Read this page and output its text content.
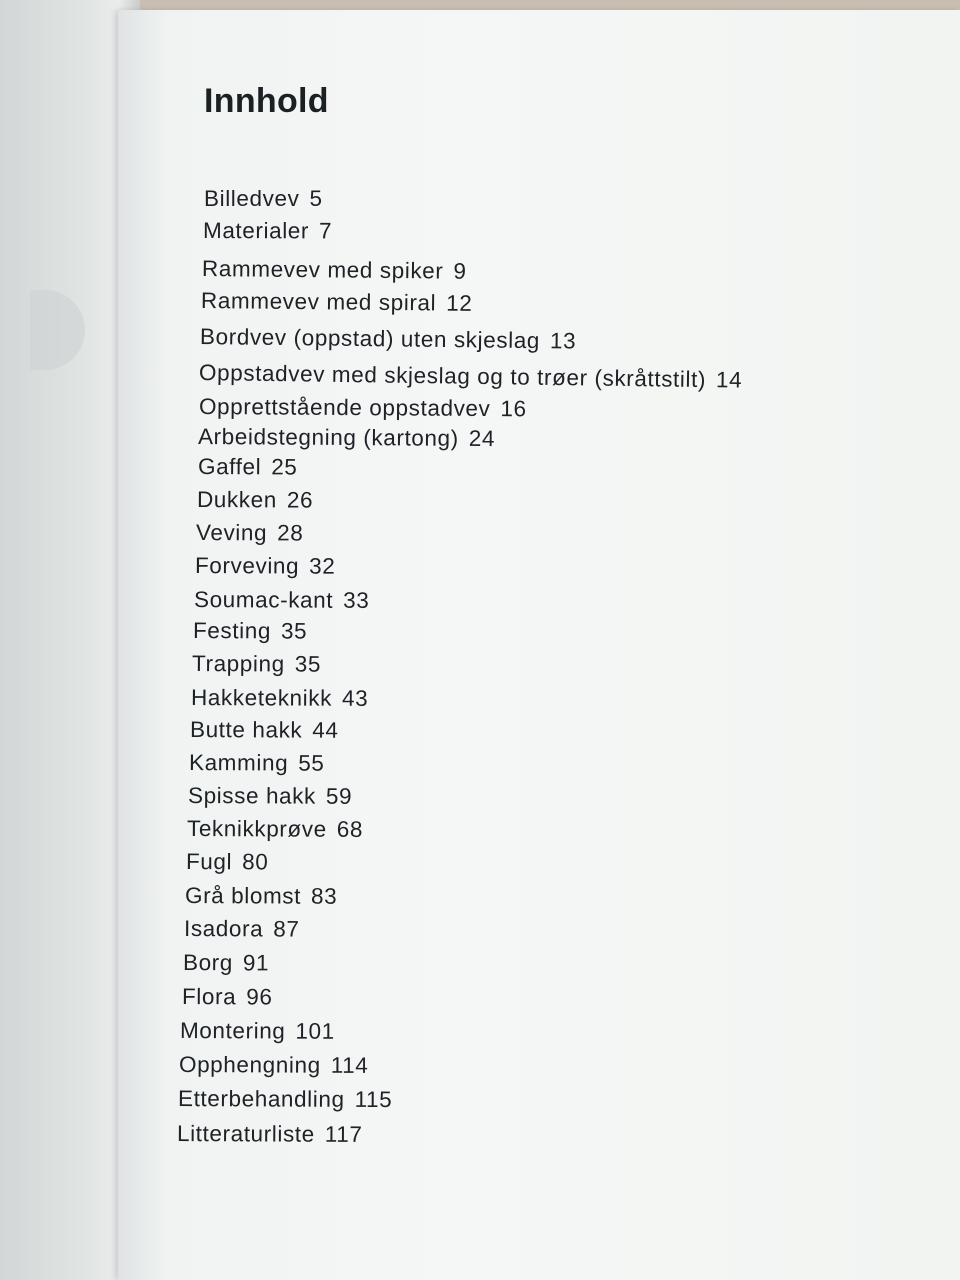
Innhold
Billedvev 5
Materialer 7
Rammevev med spiker 9
Rammevev med spiral 12
Bordvev (oppstad) uten skjeslag 13
Oppstadvev med skjeslag og to trøer (skråttstilt) 14
Opprettstående oppstadvev 16
Arbeidstegning (kartong) 24
Gaffel 25
Dukken 26
Veving 28
Forveving 32
Soumac-kant 33
Festing 35
Trapping 35
Hakketeknikk 43
Butte hakk 44
Kamming 55
Spisse hakk 59
Teknikkprøve 68
Fugl 80
Grå blomst 83
Isadora 87
Borg 91
Flora 96
Montering 101
Opphengning 114
Etterbehandling 115
Litteraturliste 117
